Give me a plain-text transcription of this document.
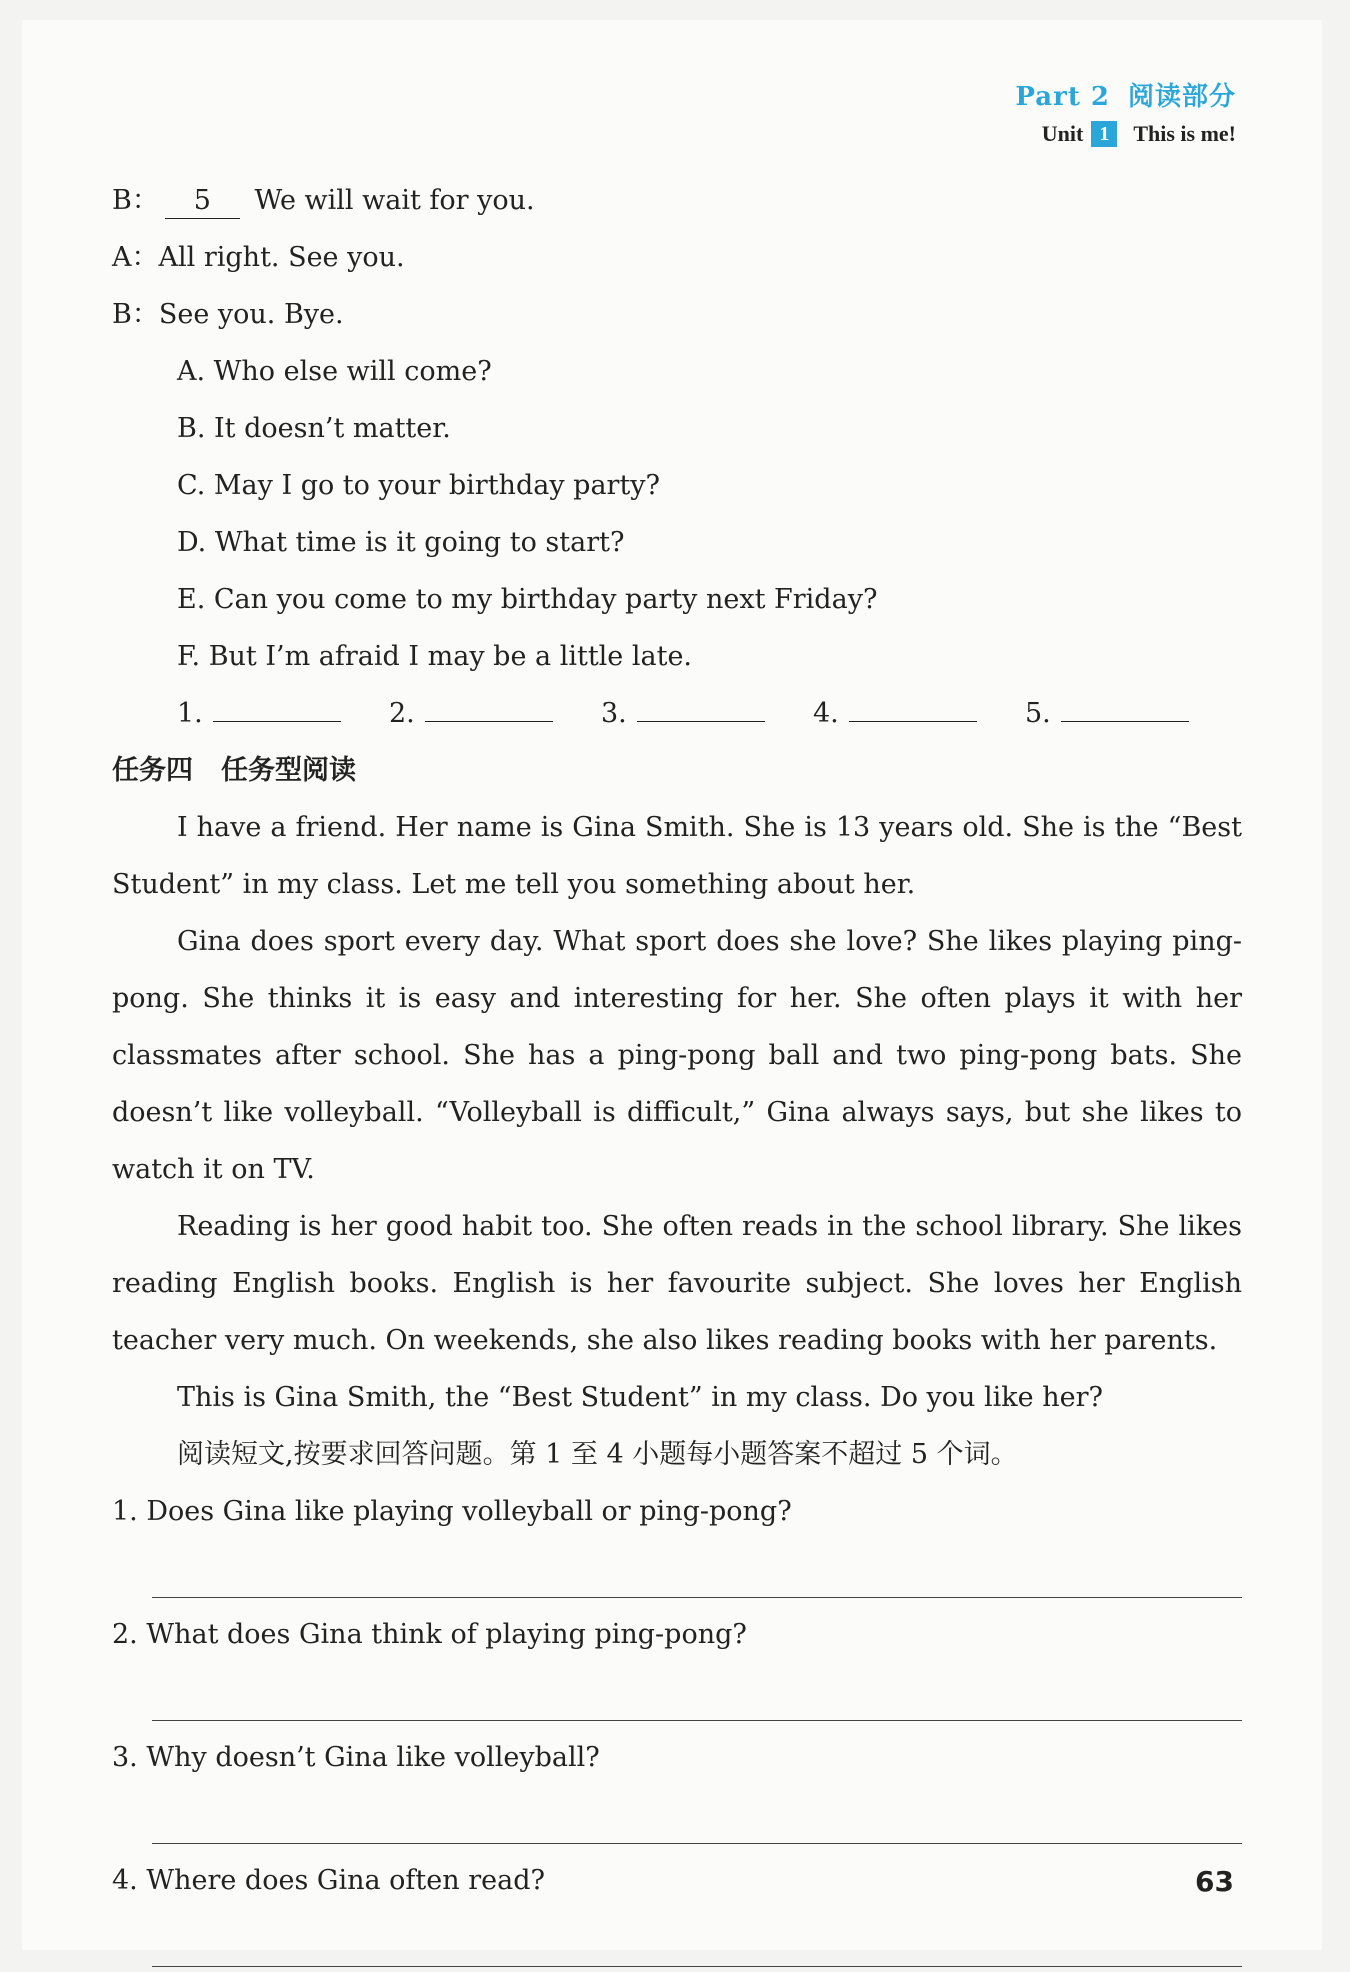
Part 2 阅读部分
Unit 1	This is me!
B： 5 We will wait for you.
A：All right. See you.
B：See you. Bye.
A. Who else will come?
B. It doesn’t matter.
C. May I go to your birthday party?
D. What time is it going to start?
E. Can you come to my birthday party next Friday?
F. But I’m afraid I may be a little late.
1.	2.	3.	4.	5.
任务四 任务型阅读
I have a friend. Her name is Gina Smith. She is 13 years old. She is the “Best Student” in my class. Let me tell you something about her.
Gina does sport every day. What sport does she love? She likes playing ping-pong. She thinks it is easy and interesting for her. She often plays it with her classmates after school. She has a ping-pong ball and two ping-pong bats. She doesn’t like volleyball. “Volleyball is difficult,” Gina always says, but she likes to watch it on TV.
Reading is her good habit too. She often reads in the school library. She likes reading English books. English is her favourite subject. She loves her English teacher very much. On weekends, she also likes reading books with her parents.
This is Gina Smith, the “Best Student” in my class. Do you like her?
阅读短文,按要求回答问题。第 1 至 4 小题每小题答案不超过 5 个词。
1. Does Gina like playing volleyball or ping-pong?
2. What does Gina think of playing ping-pong?
3. Why doesn’t Gina like volleyball?
4. Where does Gina often read?	63
